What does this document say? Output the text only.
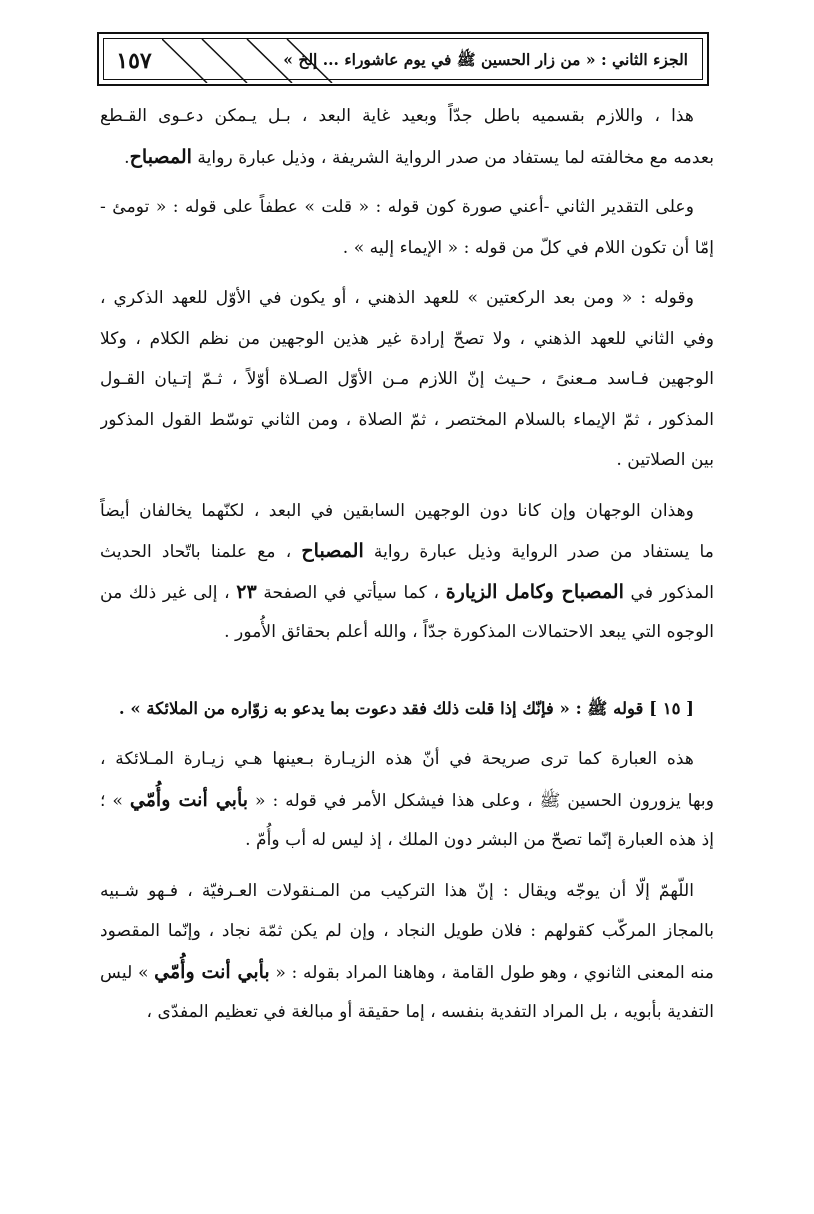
١٥٧	الجزء الثاني : « من زار الحسين ﷺ في يوم عاشوراء ... إلخ »
هذا ، واللازم بقسميه باطل جدّاً وبعيد غاية البعد ، بـل يـمكن دعـوى القـطع
بعدمه مع مخالفته لما يستفاد من صدر الرواية الشريفة ، وذيل عبارة رواية المصباح.
وعلى التقدير الثاني -أعني صورة كون قوله : « قلت » عطفاً على قوله : « تومئ -
إمّا أن تكون اللام في كلّ من قوله : « الإيماء إليه » .
وقوله : « ومن بعد الركعتين » للعهد الذهني ، أو يكون في الأوّل للعهد الذكري ،
وفي الثاني للعهد الذهني ، ولا تصحّ إرادة غير هذين الوجهين من نظم الكلام ، وكلا
الوجهين فـاسد مـعنىً ، حـيث إنّ اللازم مـن الأوّل الصـلاة أوّلاً ، ثـمّ إتـيان القـول
المذكور ، ثمّ الإيماء بالسلام المختصر ، ثمّ الصلاة ، ومن الثاني توسّط القول المذكور
بين الصلاتين .
وهذان الوجهان وإن كانا دون الوجهين السابقين في البعد ، لكنّهما يخالفان أيضاً
ما يستفاد من صدر الرواية وذيل عبارة رواية المصباح ، مع علمنا باتّحاد الحديث
المذكور في المصباح وكامل الزيارة ، كما سيأتي في الصفحة ٢٣ ، إلى غير ذلك من
الوجوه التي يبعد الاحتمالات المذكورة جدّاً ، والله أعلم بحقائق الأُمور .
[ ١٥ ] قوله ﷺ : « فإنّك إذا قلت ذلك فقد دعوت بما يدعو به زوّاره من الملائكة » .
هذه العبارة كما ترى صريحة في أنّ هذه الزيـارة بـعينها هـي زيـارة المـلائكة ،
وبها يزورون الحسين ﷺ ، وعلى هذا فيشكل الأمر في قوله : « بأبي أنت وأُمّي » ؛
إذ هذه العبارة إنّما تصحّ من البشر دون الملك ، إذ ليس له أب وأُمّ .
اللّهمّ إلّا أن يوجّه ويقال : إنّ هذا التركيب من المـنقولات العـرفيّة ، فـهو شـبيه
بالمجاز المركّب كقولهم : فلان طويل النجاد ، وإن لم يكن ثمّة نجاد ، وإنّما المقصود
منه المعنى الثانوي ، وهو طول القامة ، وهاهنا المراد بقوله : « بأبي أنت وأُمّي » ليس
التفدية بأبويه ، بل المراد التفدية بنفسه ، إما حقيقة أو مبالغة في تعظيم المفدّى ،
